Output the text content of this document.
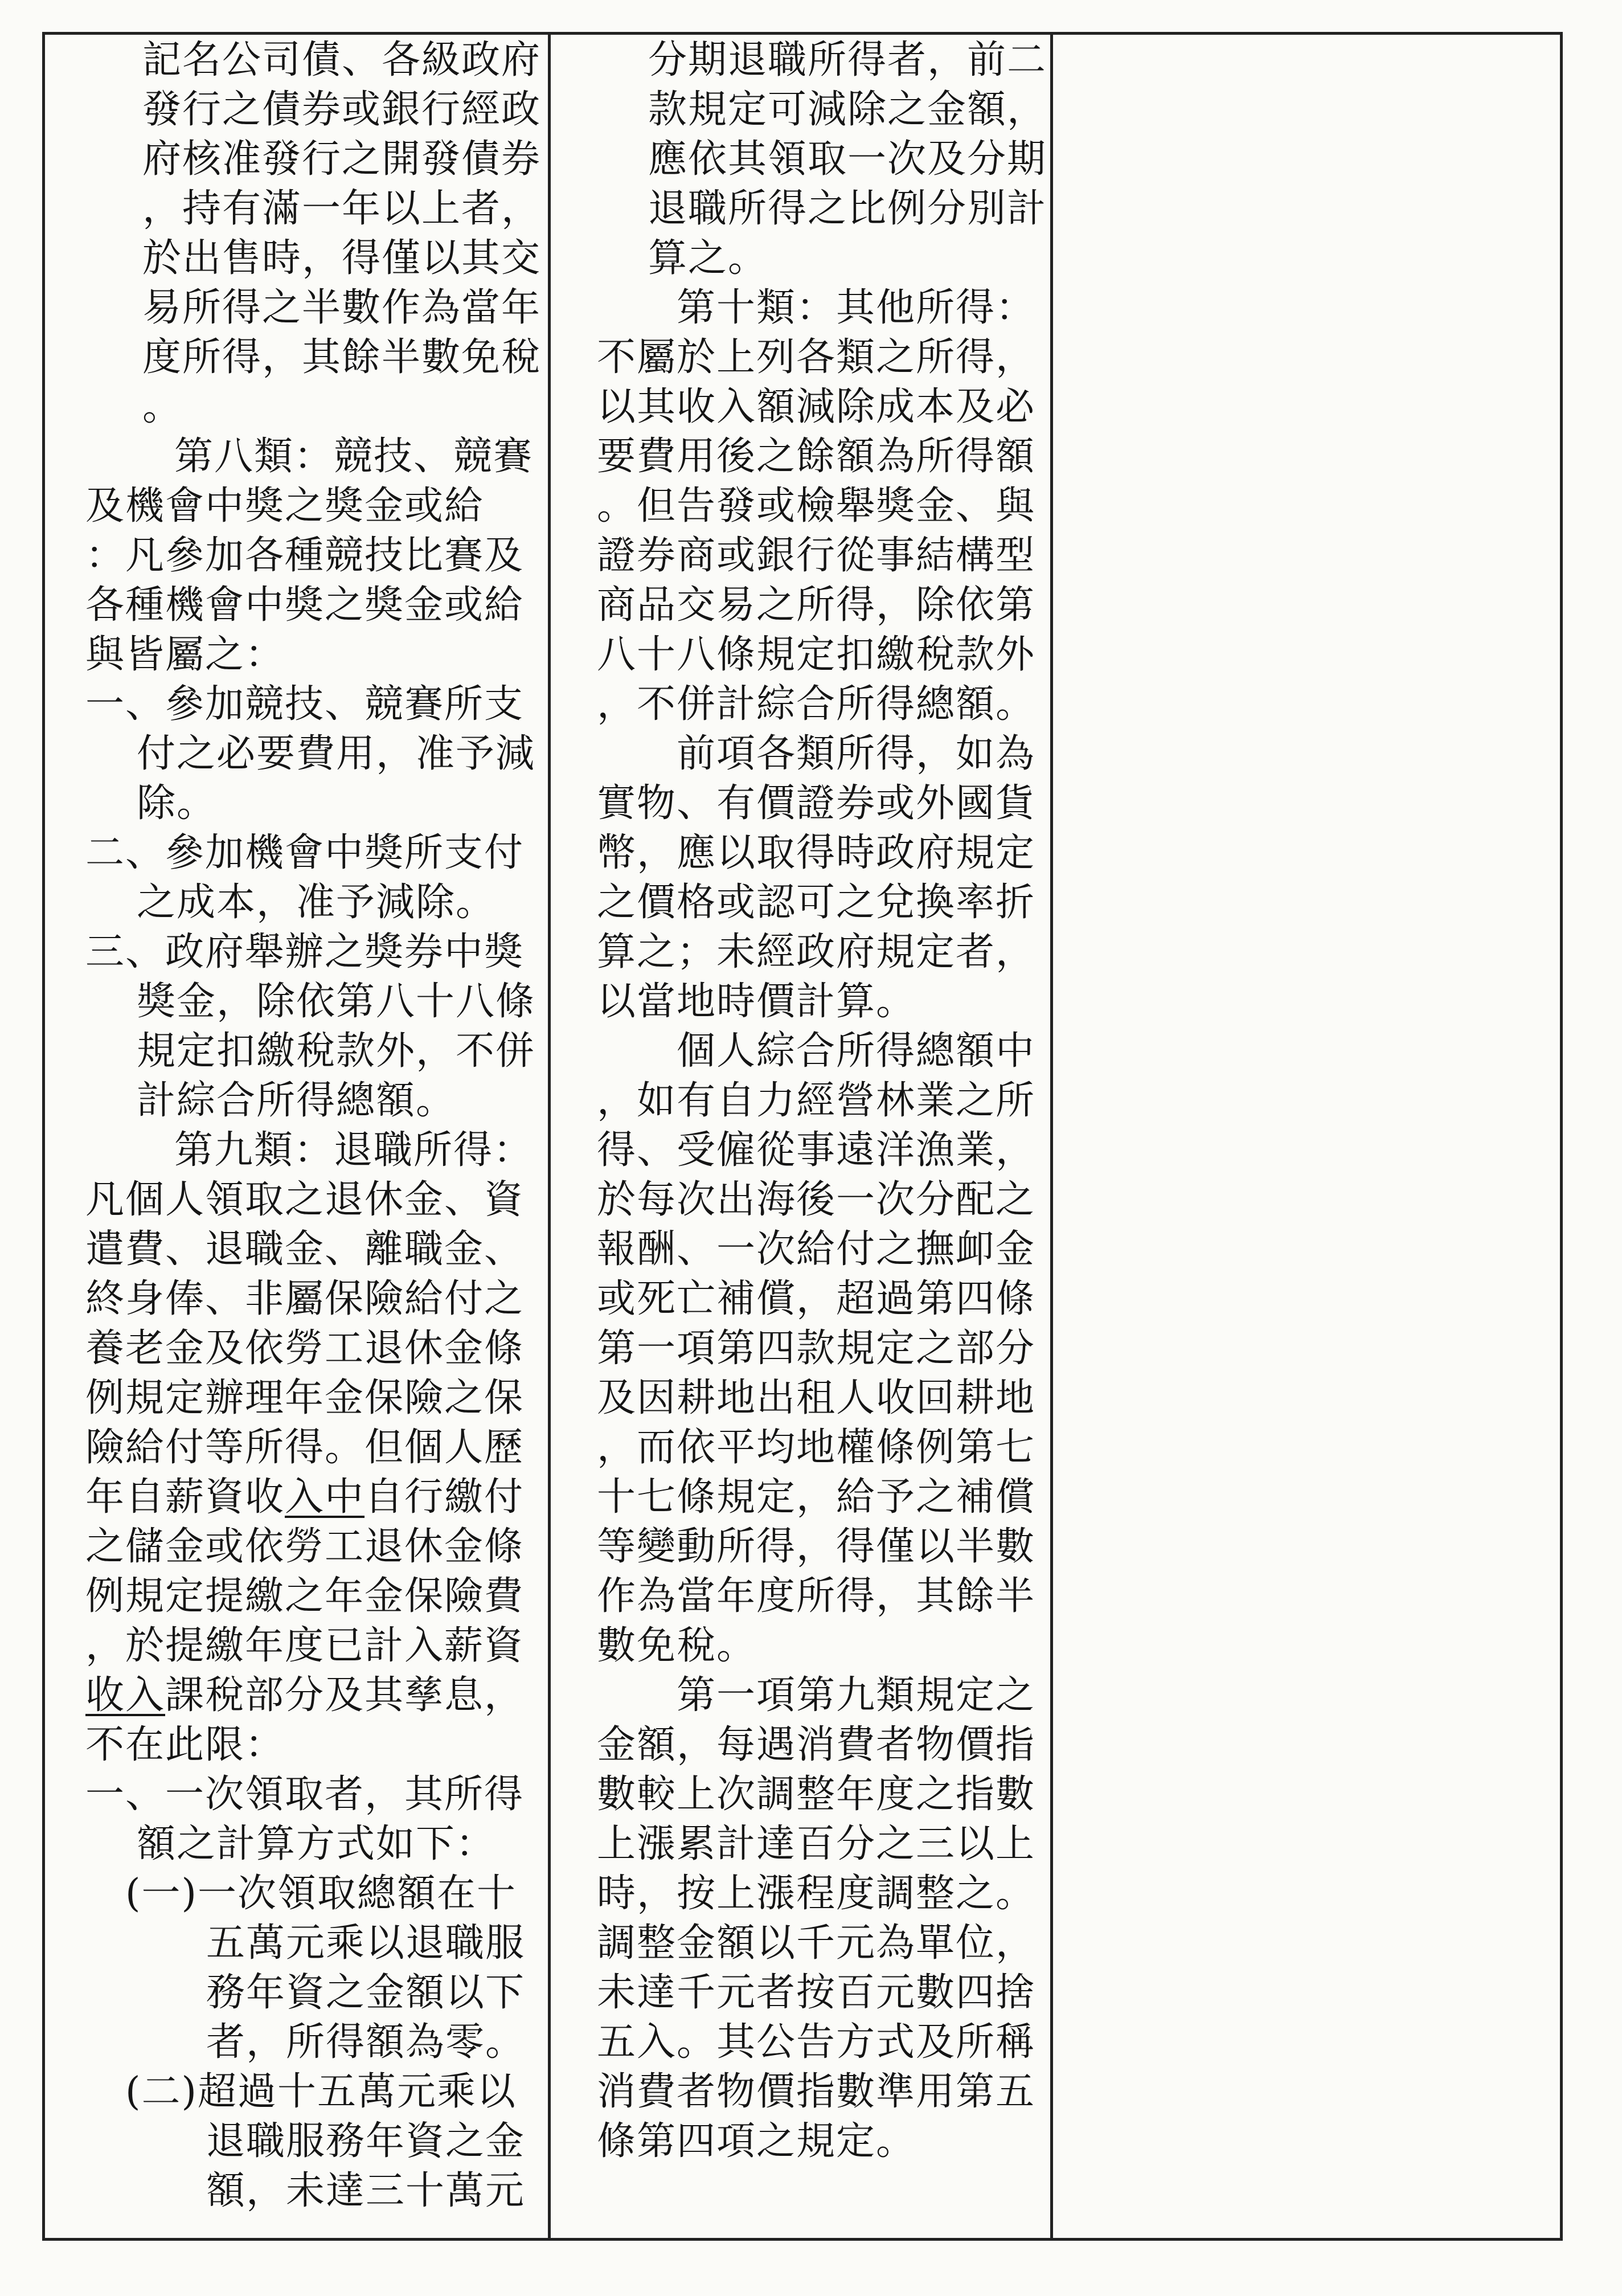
記名公司債、各級政府
發行之債券或銀行經政
府核准發行之開發債券
，持有滿一年以上者，
於出售時，得僅以其交
易所得之半數作為當年
度所得，其餘半數免稅
。
第八類：競技、競賽
及機會中獎之獎金或給
：凡參加各種競技比賽及
各種機會中獎之獎金或給
與皆屬之：
一、參加競技、競賽所支
付之必要費用，准予減
除。
二、參加機會中獎所支付
之成本，准予減除。
三、政府舉辦之獎券中獎
獎金，除依第八十八條
規定扣繳稅款外，不併
計綜合所得總額。
第九類：退職所得：
凡個人領取之退休金、資
遣費、退職金、離職金、
終身俸、非屬保險給付之
養老金及依勞工退休金條
例規定辦理年金保險之保
險給付等所得。但個人歷
年自薪資收入中自行繳付
之儲金或依勞工退休金條
例規定提繳之年金保險費
，於提繳年度已計入薪資
收入課稅部分及其孳息，
不在此限：
一、一次領取者，其所得
額之計算方式如下：
(一)一次領取總額在十
五萬元乘以退職服
務年資之金額以下
者，所得額為零。
(二)超過十五萬元乘以
退職服務年資之金
額，未達三十萬元
分期退職所得者，前二
款規定可減除之金額，
應依其領取一次及分期
退職所得之比例分別計
算之。
第十類：其他所得：
不屬於上列各類之所得，
以其收入額減除成本及必
要費用後之餘額為所得額
。但告發或檢舉獎金、與
證券商或銀行從事結構型
商品交易之所得，除依第
八十八條規定扣繳稅款外
，不併計綜合所得總額。
前項各類所得，如為
實物、有價證券或外國貨
幣，應以取得時政府規定
之價格或認可之兌換率折
算之；未經政府規定者，
以當地時價計算。
個人綜合所得總額中
，如有自力經營林業之所
得、受僱從事遠洋漁業，
於每次出海後一次分配之
報酬、一次給付之撫卹金
或死亡補償，超過第四條
第一項第四款規定之部分
及因耕地出租人收回耕地
，而依平均地權條例第七
十七條規定，給予之補償
等變動所得，得僅以半數
作為當年度所得，其餘半
數免稅。
第一項第九類規定之
金額，每遇消費者物價指
數較上次調整年度之指數
上漲累計達百分之三以上
時，按上漲程度調整之。
調整金額以千元為單位，
未達千元者按百元數四捨
五入。其公告方式及所稱
消費者物價指數準用第五
條第四項之規定。
